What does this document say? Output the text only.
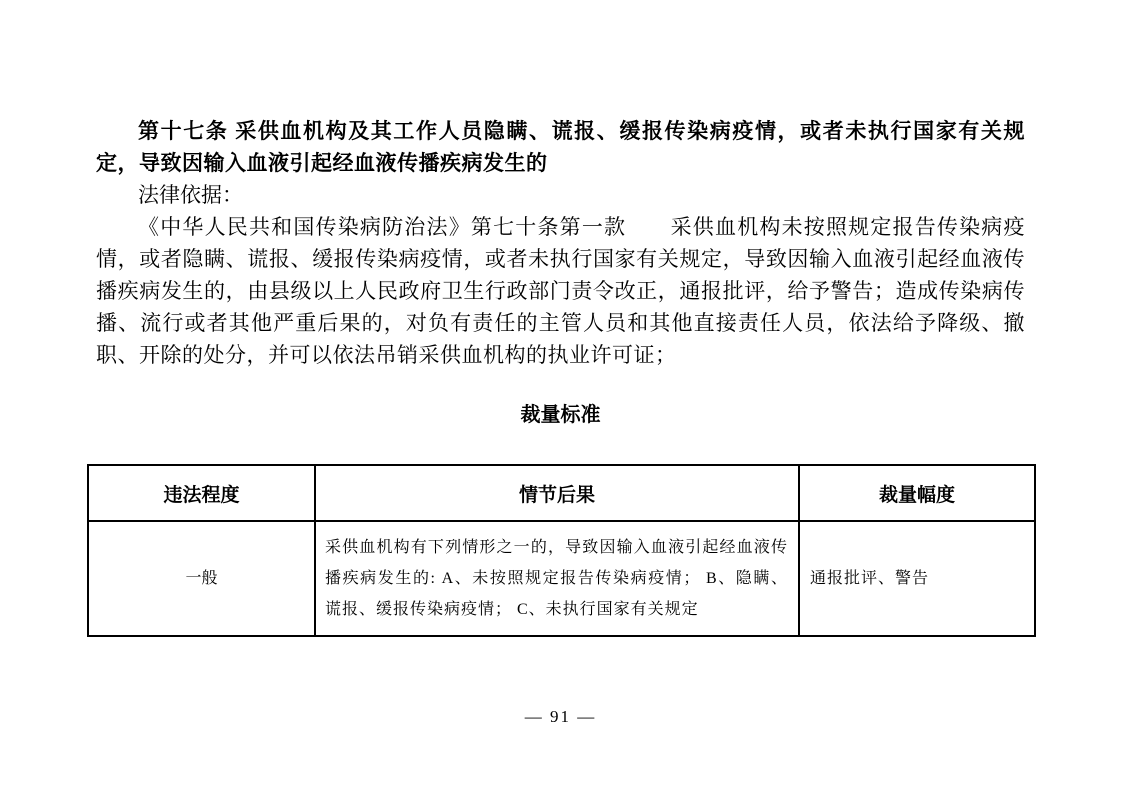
第十七条 采供血机构及其工作人员隐瞒、谎报、缓报传染病疫情，或者未执行国家有关规定，导致因输入血液引起经血液传播疾病发生的

法律依据：

《中华人民共和国传染病防治法》第七十条第一款　　采供血机构未按照规定报告传染病疫情，或者隐瞒、谎报、缓报传染病疫情，或者未执行国家有关规定，导致因输入血液引起经血液传播疾病发生的，由县级以上人民政府卫生行政部门责令改正，通报批评，给予警告；造成传染病传播、流行或者其他严重后果的，对负有责任的主管人员和其他直接责任人员，依法给予降级、撤职、开除的处分，并可以依法吊销采供血机构的执业许可证；

裁量标准
违法程度	情节后果	裁量幅度
一般	采供血机构有下列情形之一的，导致因输入血液引起经血液传播疾病发生的: A、未按照规定报告传染病疫情； B、隐瞒、谎报、缓报传染病疫情； C、未执行国家有关规定	通报批评、警告
— 91 —
